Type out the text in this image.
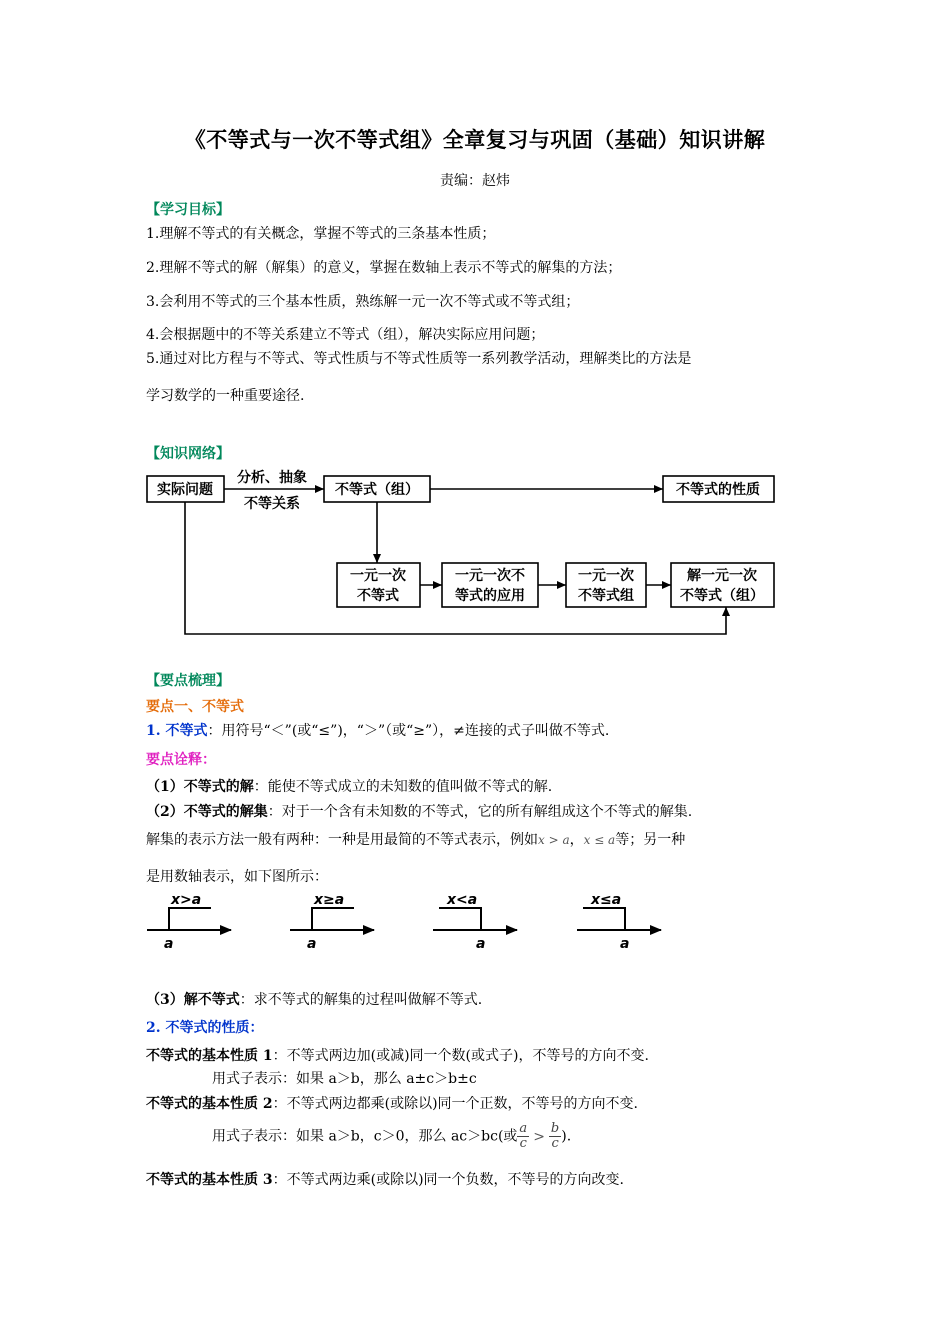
《不等式与一次不等式组》全章复习与巩固（基础）知识讲解
责编：赵炜
【学习目标】
1.理解不等式的有关概念，掌握不等式的三条基本性质；
2.理解不等式的解（解集）的意义，掌握在数轴上表示不等式的解集的方法；
3.会利用不等式的三个基本性质，熟练解一元一次不等式或不等式组；
4.会根据题中的不等关系建立不等式（组），解决实际应用问题；
5.通过对比方程与不等式、等式性质与不等式性质等一系列教学活动，理解类比的方法是
学习数学的一种重要途径.
【知识网络】
实际问题	不等式（组）	不等式的性质
一元一次
不等式
一元一次不
等式的应用
一元一次
不等式组
解一元一次
不等式（组）
分析、抽象
不等关系
【要点梳理】
要点一、不等式
1. 不等式：用符号“＜”(或“≤”)，“＞”（或“≥”），≠连接的式子叫做不等式.
要点诠释：
（1）不等式的解：能使不等式成立的未知数的值叫做不等式的解.
（2）不等式的解集：对于一个含有未知数的不等式，它的所有解组成这个不等式的解集.
解集的表示方法一般有两种：一种是用最简的不等式表示，例如x > a，x ≤ a等；另一种
是用数轴表示，如下图所示：
x>a
a
x≥a
a
x<a
a
x≤a
a
（3）解不等式：求不等式的解集的过程叫做解不等式.
2. 不等式的性质：
不等式的基本性质 1：不等式两边加(或减)同一个数(或式子)，不等号的方向不变.
用式子表示：如果 a＞b，那么 a±c＞b±c
不等式的基本性质 2：不等式两边都乘(或除以)同一个正数，不等号的方向不变.
用式子表示：如果 a＞b，c＞0，那么 ac＞bc(或 $\frac{a}{c} > \frac{b}{c}$ ).
不等式的基本性质 3：不等式两边乘(或除以)同一个负数，不等号的方向改变.
